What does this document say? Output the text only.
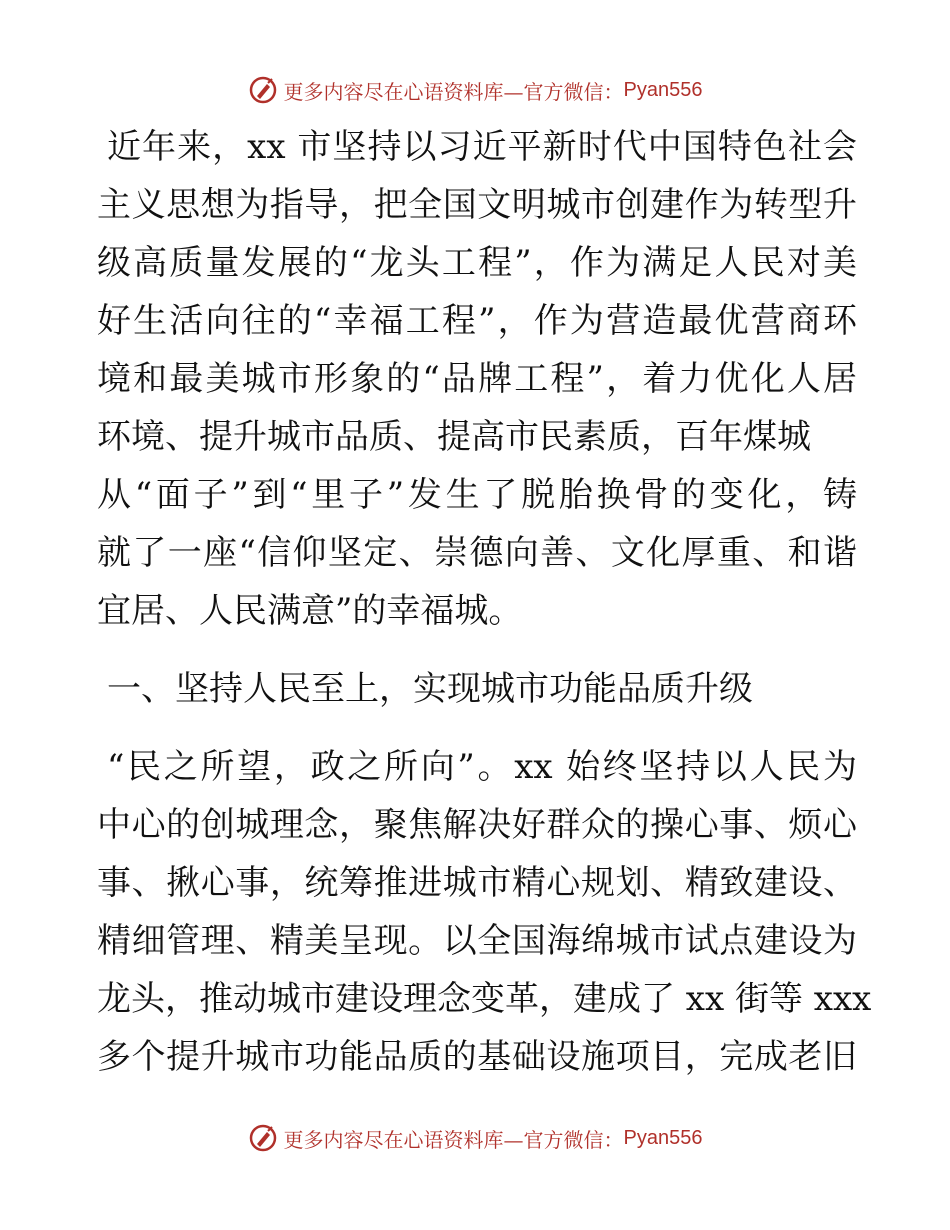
更多内容尽在心语资料库—官方微信： Pyan556
近年来，xx 市坚持以习近平新时代中国特色社会
主义思想为指导，把全国文明城市创建作为转型升
级高质量发展的“龙头工程”，作为满足人民对美
好生活向往的“幸福工程”，作为营造最优营商环
境和最美城市形象的“品牌工程”，着力优化人居
环境、提升城市品质、提高市民素质，百年煤城
从“面子”到“里子”发生了脱胎换骨的变化，铸
就了一座“信仰坚定、崇德向善、文化厚重、和谐
宜居、人民满意”的幸福城。
一、坚持人民至上，实现城市功能品质升级
“民之所望，政之所向”。xx 始终坚持以人民为
中心的创城理念，聚焦解决好群众的操心事、烦心
事、揪心事，统筹推进城市精心规划、精致建设、
精细管理、精美呈现。以全国海绵城市试点建设为
龙头，推动城市建设理念变革，建成了 xx 街等 xxx
多个提升城市功能品质的基础设施项目，完成老旧
更多内容尽在心语资料库—官方微信： Pyan556
